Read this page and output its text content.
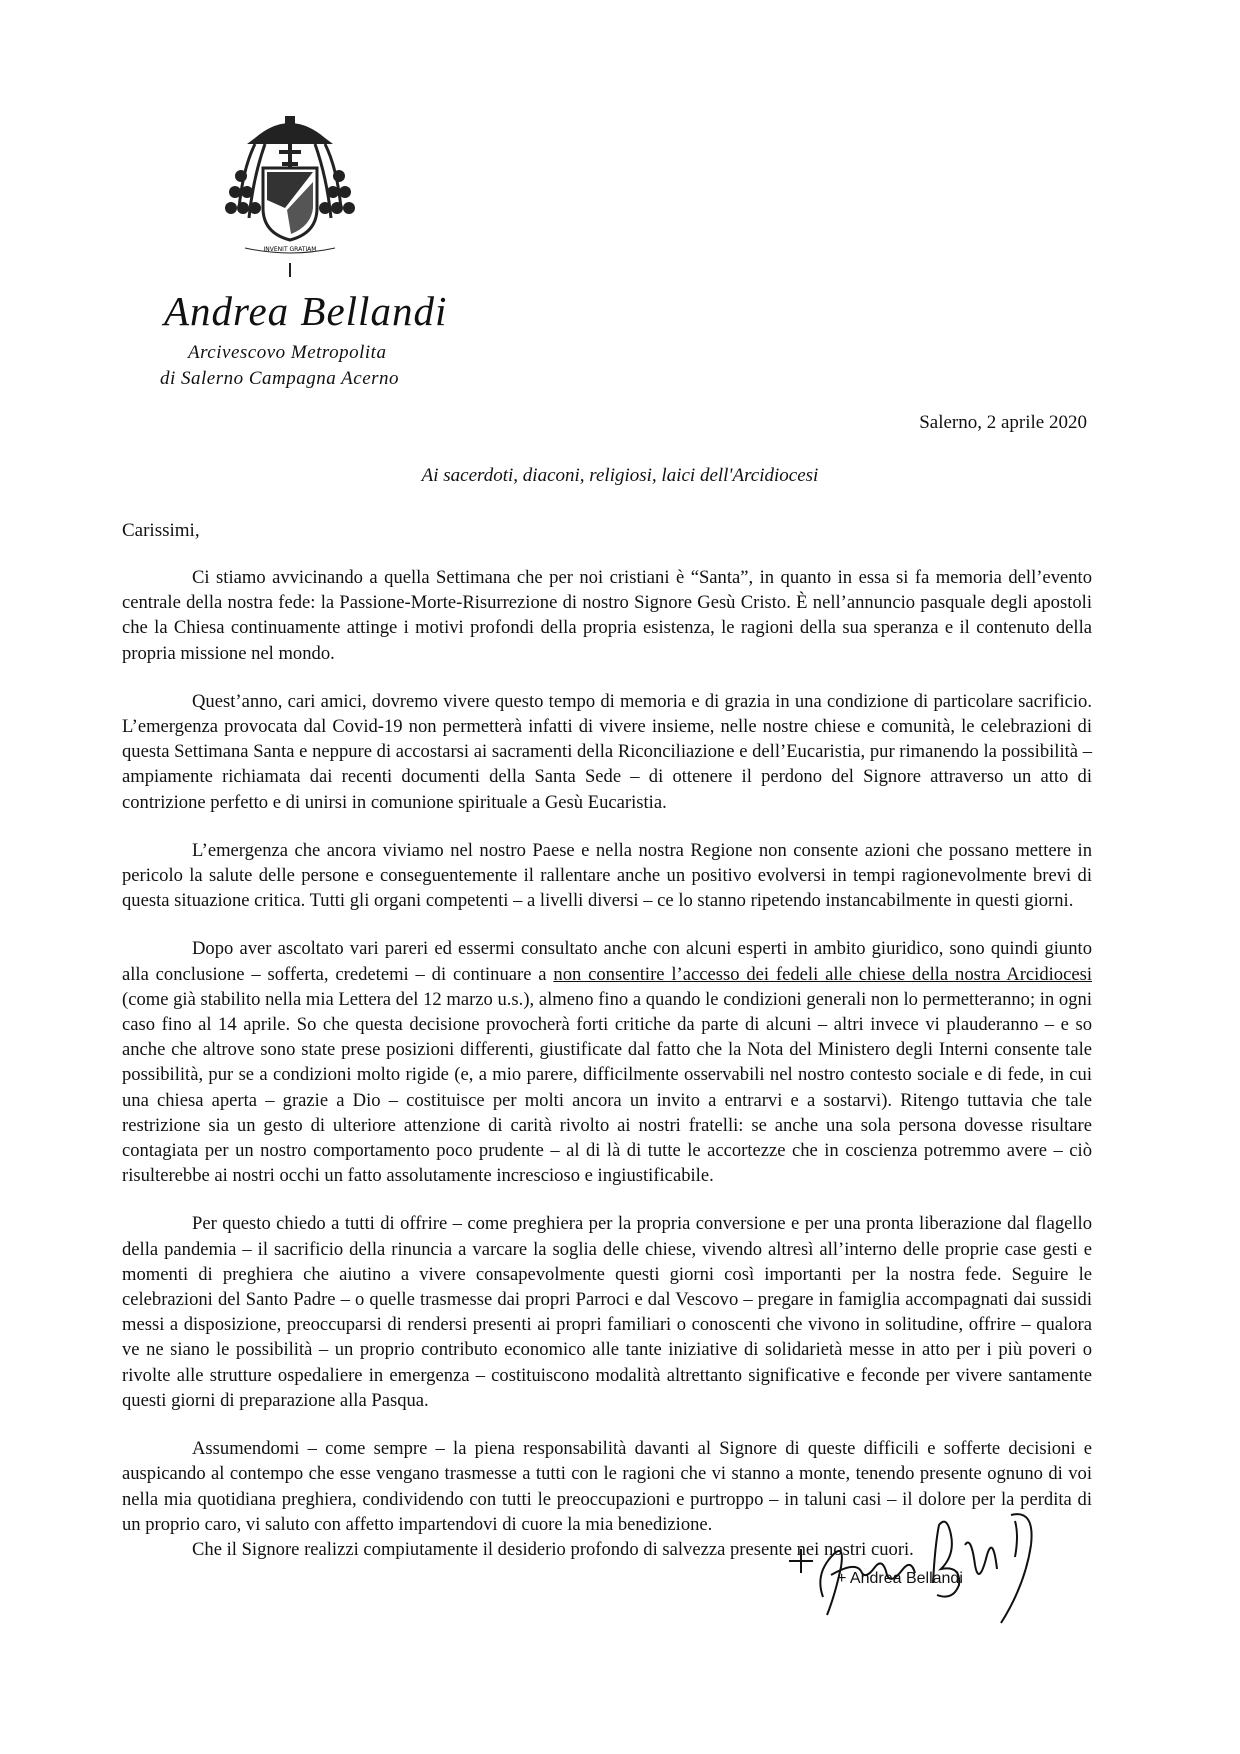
INVENIT GRATIAM
Andrea Bellandi
Arcivescovo Metropolita
di Salerno Campagna Acerno
Salerno, 2 aprile 2020
Ai sacerdoti, diaconi, religiosi, laici dell'Arcidiocesi
Carissimi,

Ci stiamo avvicinando a quella Settimana che per noi cristiani è “Santa”, in quanto in essa si fa memoria dell’evento centrale della nostra fede: la Passione-Morte-Risurrezione di nostro Signore Gesù Cristo. È nell’annuncio pasquale degli apostoli che la Chiesa continuamente attinge i motivi profondi della propria esistenza, le ragioni della sua speranza e il contenuto della propria missione nel mondo.

Quest’anno, cari amici, dovremo vivere questo tempo di memoria e di grazia in una condizione di particolare sacrificio. L’emergenza provocata dal Covid-19 non permetterà infatti di vivere insieme, nelle nostre chiese e comunità, le celebrazioni di questa Settimana Santa e neppure di accostarsi ai sacramenti della Riconciliazione e dell’Eucaristia, pur rimanendo la possibilità – ampiamente richiamata dai recenti documenti della Santa Sede – di ottenere il perdono del Signore attraverso un atto di contrizione perfetto e di unirsi in comunione spirituale a Gesù Eucaristia.

L’emergenza che ancora viviamo nel nostro Paese e nella nostra Regione non consente azioni che possano mettere in pericolo la salute delle persone e conseguentemente il rallentare anche un positivo evolversi in tempi ragionevolmente brevi di questa situazione critica. Tutti gli organi competenti – a livelli diversi – ce lo stanno ripetendo instancabilmente in questi giorni.

Dopo aver ascoltato vari pareri ed essermi consultato anche con alcuni esperti in ambito giuridico, sono quindi giunto alla conclusione – sofferta, credetemi – di continuare a non consentire l’accesso dei fedeli alle chiese della nostra Arcidiocesi (come già stabilito nella mia Lettera del 12 marzo u.s.), almeno fino a quando le condizioni generali non lo permetteranno; in ogni caso fino al 14 aprile. So che questa decisione provocherà forti critiche da parte di alcuni – altri invece vi plauderanno – e so anche che altrove sono state prese posizioni differenti, giustificate dal fatto che la Nota del Ministero degli Interni consente tale possibilità, pur se a condizioni molto rigide (e, a mio parere, difficilmente osservabili nel nostro contesto sociale e di fede, in cui una chiesa aperta – grazie a Dio – costituisce per molti ancora un invito a entrarvi e a sostarvi). Ritengo tuttavia che tale restrizione sia un gesto di ulteriore attenzione di carità rivolto ai nostri fratelli: se anche una sola persona dovesse risultare contagiata per un nostro comportamento poco prudente – al di là di tutte le accortezze che in coscienza potremmo avere – ciò risulterebbe ai nostri occhi un fatto assolutamente increscioso e ingiustificabile.

Per questo chiedo a tutti di offrire – come preghiera per la propria conversione e per una pronta liberazione dal flagello della pandemia – il sacrificio della rinuncia a varcare la soglia delle chiese, vivendo altresì all’interno delle proprie case gesti e momenti di preghiera che aiutino a vivere consapevolmente questi giorni così importanti per la nostra fede. Seguire le celebrazioni del Santo Padre – o quelle trasmesse dai propri Parroci e dal Vescovo – pregare in famiglia accompagnati dai sussidi messi a disposizione, preoccuparsi di rendersi presenti ai propri familiari o conoscenti che vivono in solitudine, offrire – qualora ve ne siano le possibilità – un proprio contributo economico alle tante iniziative di solidarietà messe in atto per i più poveri o rivolte alle strutture ospedaliere in emergenza – costituiscono modalità altrettanto significative e feconde per vivere santamente questi giorni di preparazione alla Pasqua.

Assumendomi – come sempre – la piena responsabilità davanti al Signore di queste difficili e sofferte decisioni e auspicando al contempo che esse vengano trasmesse a tutti con le ragioni che vi stanno a monte, tenendo presente ognuno di voi nella mia quotidiana preghiera, condividendo con tutti le preoccupazioni e purtroppo – in taluni casi – il dolore per la perdita di un proprio caro, vi saluto con affetto impartendovi di cuore la mia benedizione.

Che il Signore realizzi compiutamente il desiderio profondo di salvezza presente nei nostri cuori.

+ Andrea Bellandi
